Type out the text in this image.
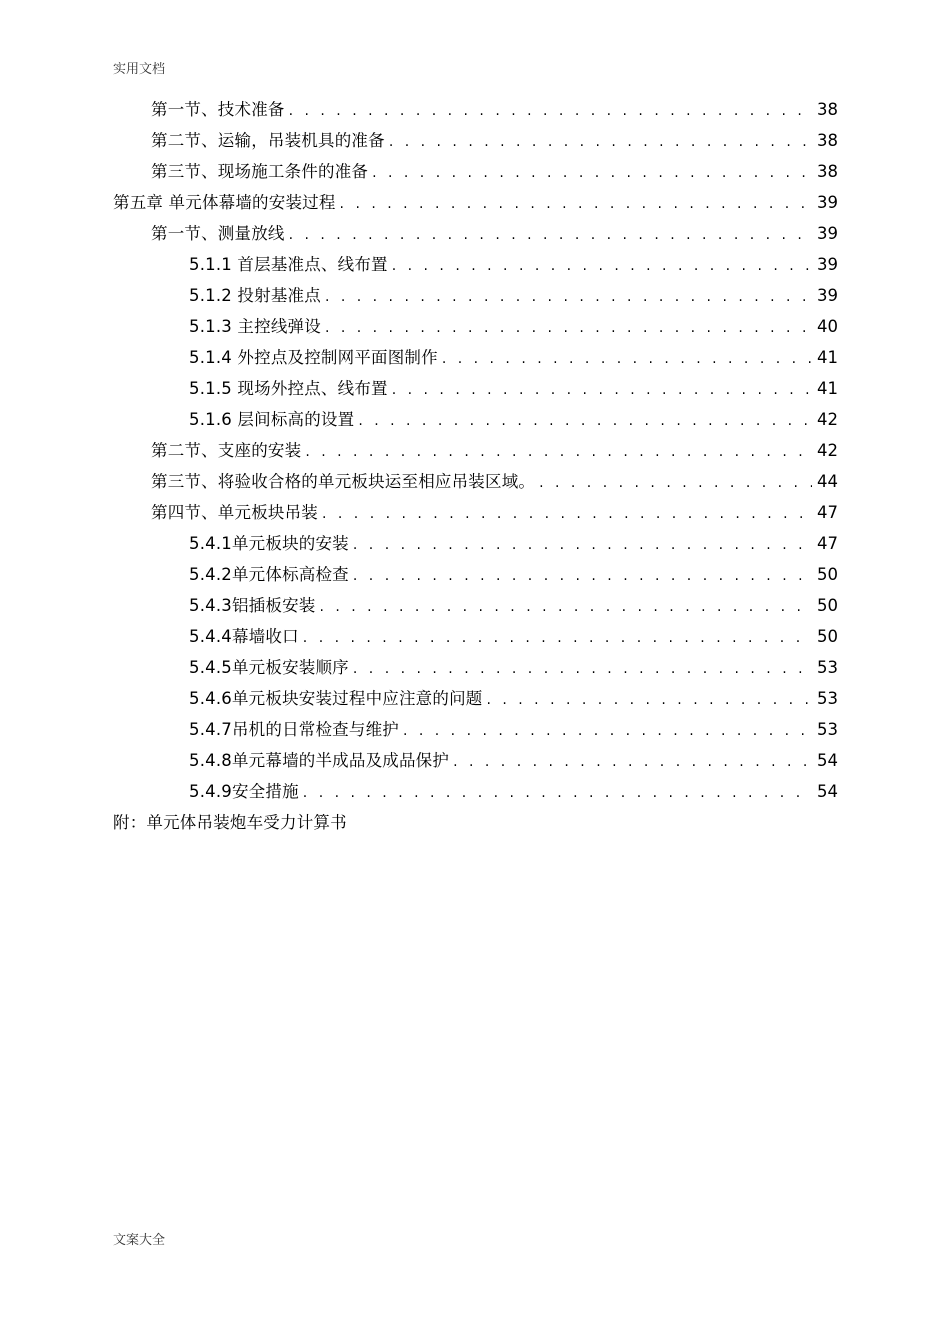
实用文档
第一节、技术准备 . . .	38
第二节、运输，吊装机具的准备 . . .	38
第三节、现场施工条件的准备 . . .	38
第五章 单元体幕墙的安装过程 . . .	39
第一节、测量放线 . . .	39
5.1.1 首层基准点、线布置 . . .	39
5.1.2 投射基准点 . . .	39
5.1.3 主控线弹设 . . .	40
5.1.4 外控点及控制网平面图制作 . . .	41
5.1.5 现场外控点、线布置 . . .	41
5.1.6 层间标高的设置 . . .	42
第二节、支座的安装 . . .	42
第三节、将验收合格的单元板块运至相应吊装区域。 . . .	44
第四节、单元板块吊装 . . .	47
5.4.1单元板块的安装 . . .	47
5.4.2单元体标高检查 . . .	50
5.4.3铝插板安装 . . .	50
5.4.4幕墙收口 . . .	50
5.4.5单元板安装顺序 . . .	53
5.4.6单元板块安装过程中应注意的问题 . . .	53
5.4.7吊机的日常检查与维护 . . .	53
5.4.8单元幕墙的半成品及成品保护 . . .	54
5.4.9安全措施 . . .	54
附：单元体吊装炮车受力计算书
文案大全
